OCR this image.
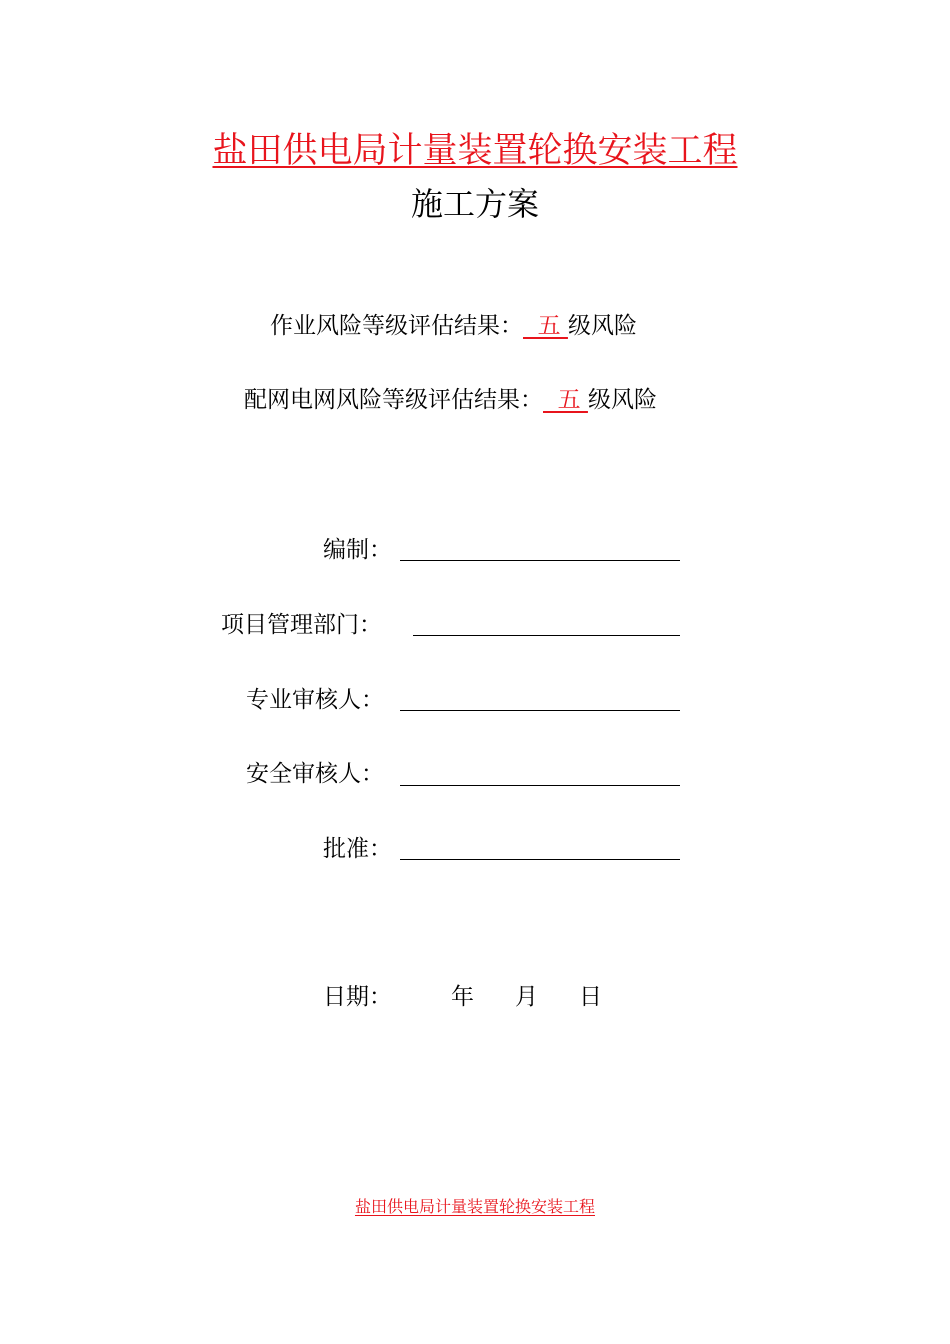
盐田供电局计量装置轮换安装工程
施工方案
作业风险等级评估结果：  五 级风险
配网电网风险等级评估结果：  五 级风险
编制：
项目管理部门：
专业审核人：
安全审核人：
批准：
日期：	年 月 日
盐田供电局计量装置轮换安装工程
